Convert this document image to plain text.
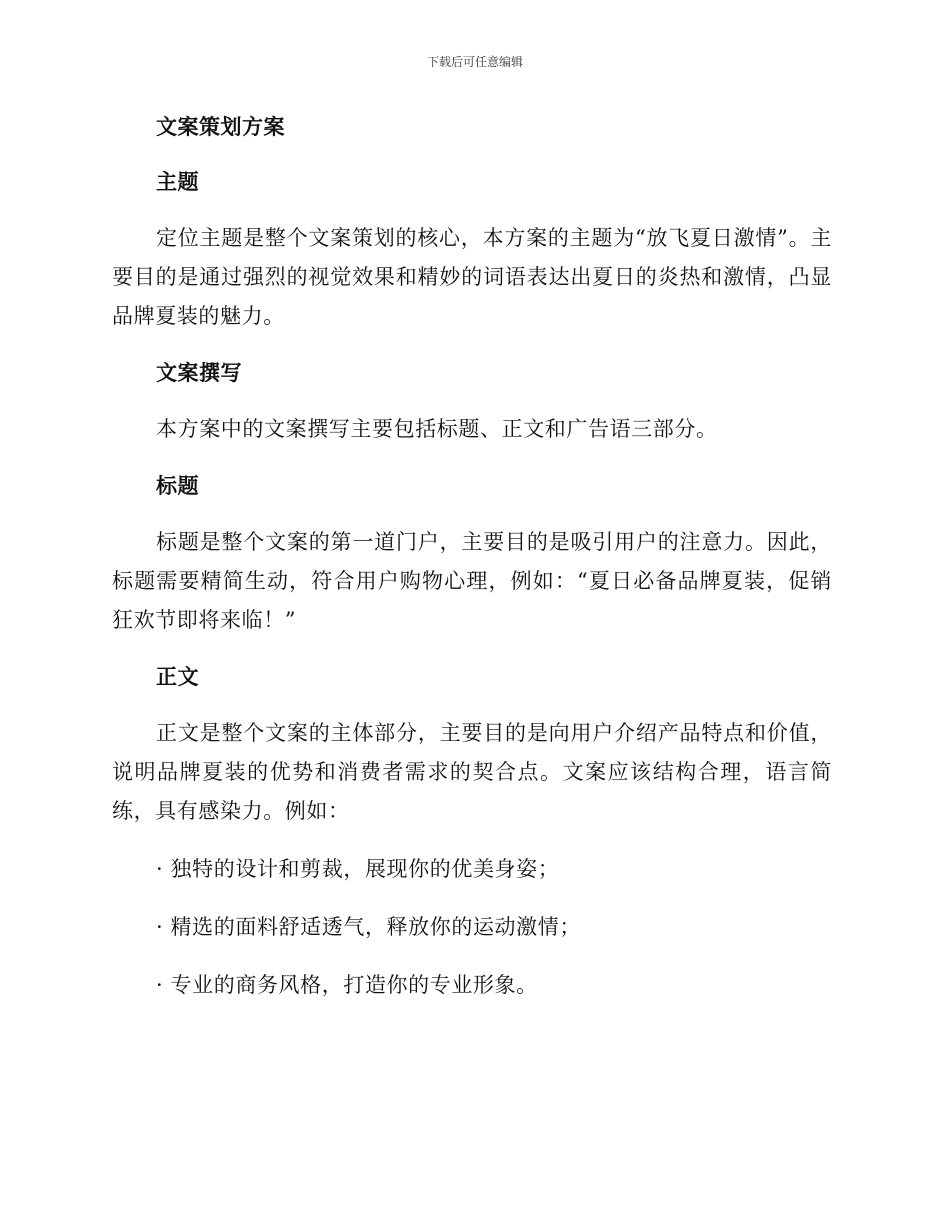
下载后可任意编辑
文案策划方案
主题

定位主题是整个文案策划的核心，本方案的主题为“放飞夏日激情”。主要目的是通过强烈的视觉效果和精妙的词语表达出夏日的炎热和激情，凸显品牌夏装的魅力。

文案撰写

本方案中的文案撰写主要包括标题、正文和广告语三部分。

标题

标题是整个文案的第一道门户，主要目的是吸引用户的注意力。因此，标题需要精简生动，符合用户购物心理，例如：“夏日必备品牌夏装，促销狂欢节即将来临！”

正文

正文是整个文案的主体部分，主要目的是向用户介绍产品特点和价值，说明品牌夏装的优势和消费者需求的契合点。文案应该结构合理，语言简练，具有感染力。例如：

· 独特的设计和剪裁，展现你的优美身姿；
· 精选的面料舒适透气，释放你的运动激情；
· 专业的商务风格，打造你的专业形象。
